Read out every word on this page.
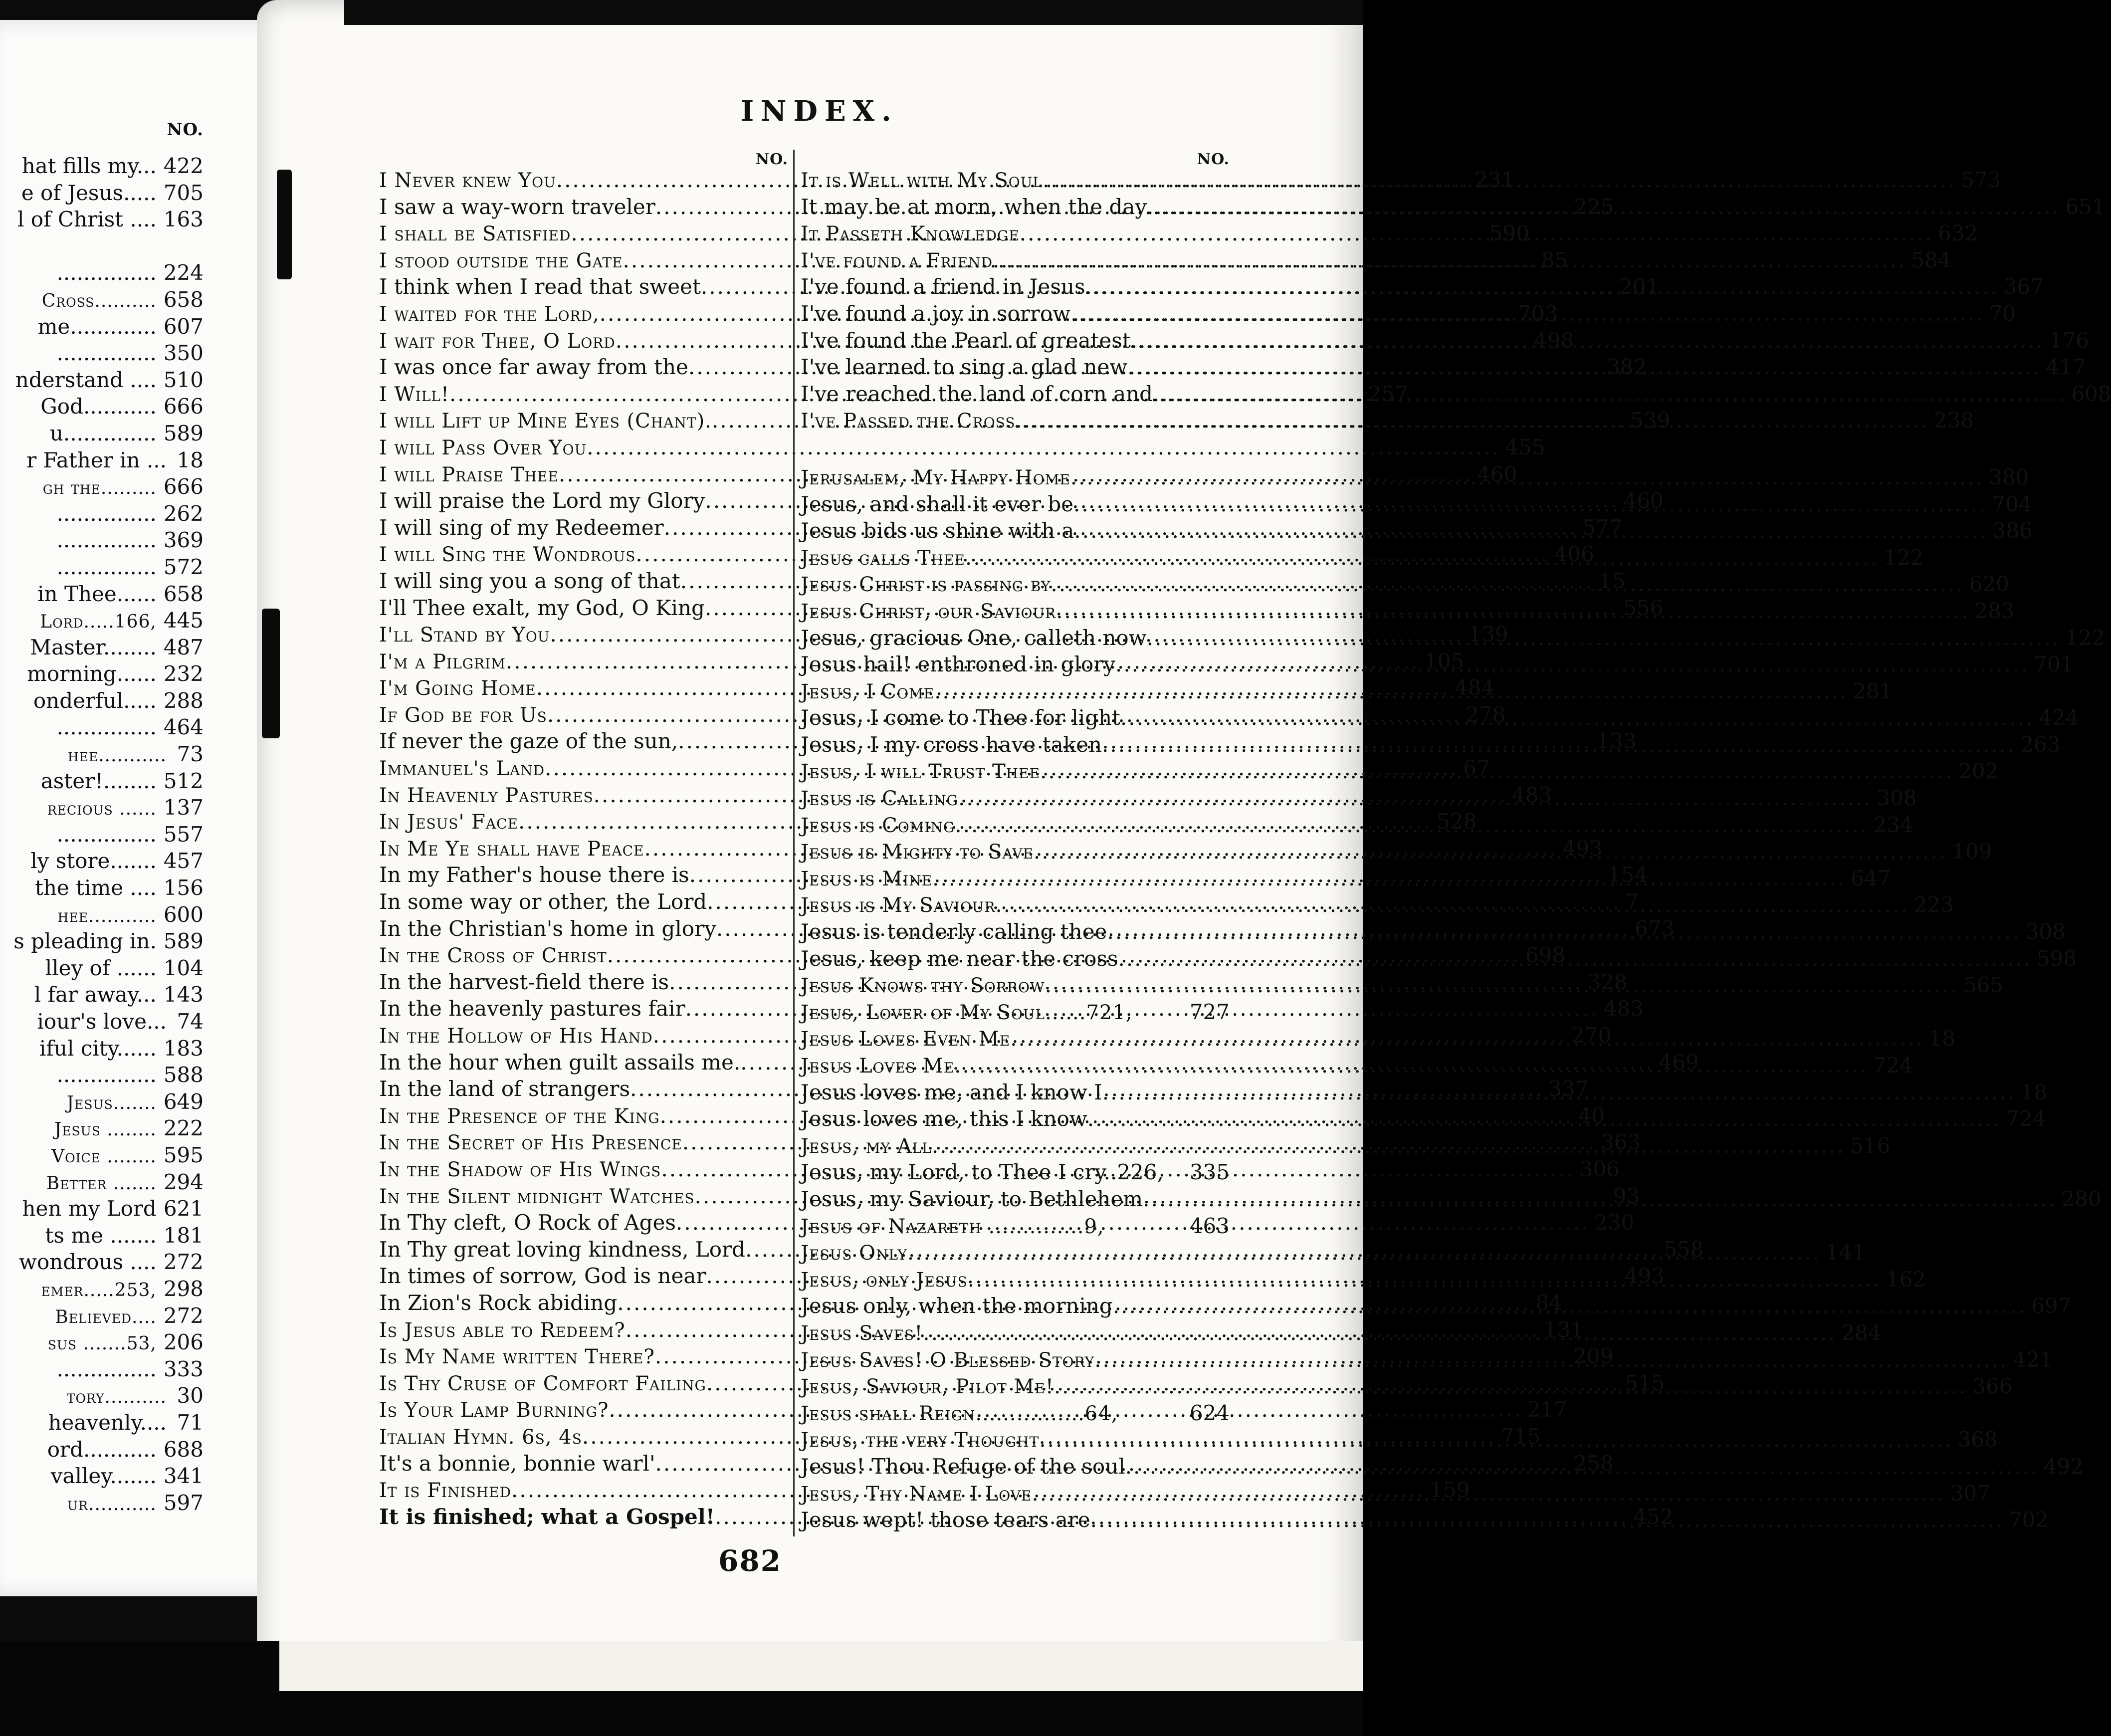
NO.
hat fills my... 422
e of Jesus..... 705
l of Christ .... 163
............... 224
Cross.......... 658
me............. 607
............... 350
nderstand .... 510
God........... 666
u.............. 589
r Father in ... 18
gh the......... 666
............... 262
............... 369
............... 572
in Thee...... 658
Lord.....166, 445
Master........ 487
morning...... 232
onderful..... 288
............... 464
hee........... 73
aster!........ 512
recious ...... 137
............... 557
ly store....... 457
the time .... 156
hee........... 600
s pleading in. 589
lley of ...... 104
l far away... 143
iour's love... 74
iful city...... 183
............... 588
Jesus....... 649
Jesus ........ 222
Voice ........ 595
Better ....... 294
hen my Lord 621
ts me ....... 181
wondrous .... 272
emer.....253, 298
Believed.... 272
sus .......53, 206
............... 333
tory.......... 30
heavenly.... 71
ord........... 688
valley....... 341
ur........... 597
INDEX.
NO.
I Never knew You .....	231
I saw a way-worn traveler .....	225
I shall be Satisfied .....	590
I stood outside the Gate .....	85
I think when I read that sweet .....	201
I waited for the Lord, .....	703
I wait for Thee, O Lord .....	498
I was once far away from the .....	382
I Will! .....	257
I will Lift up Mine Eyes (Chant). .....	539
I will Pass Over You .....	455
I will Praise Thee .....	460
I will praise the Lord my Glory .....	460
I will sing of my Redeemer .....	577
I will Sing the Wondrous .....	406
I will sing you a song of that .....	15
I'll Thee exalt, my God, O King .....	556
I'll Stand by You .....	139
I'm a Pilgrim .....	105
I'm Going Home .....	484
If God be for Us .....	278
If never the gaze of the sun, .....	133
Immanuel's Land .....	67
In Heavenly Pastures .....	483
In Jesus' Face .....	528
In Me Ye shall have Peace .....	493
In my Father's house there is .....	154
In some way or other, the Lord .....	7
In the Christian's home in glory .....	673
In the Cross of Christ .....	698
In the harvest-field there is .....	328
In the heavenly pastures fair .....	483
In the Hollow of His Hand .....	270
In the hour when guilt assails me. .....	469
In the land of strangers .....	337
In the Presence of the King .....	40
In the Secret of His Presence .....	363
In the Shadow of His Wings .....	306
In the Silent midnight Watches .....	93
In Thy cleft, O Rock of Ages .....	230
In Thy great loving kindness, Lord .....	558
In times of sorrow, God is near .....	493
In Zion's Rock abiding .....	84
Is Jesus able to Redeem? .....	131
Is My Name written There? .....	209
Is Thy Cruse of Comfort Failing .....	515
Is Your Lamp Burning? .....	217
Italian Hymn. 6s, 4s .....	715
It's a bonnie, bonnie warl' .....	258
It is Finished .....	159
It is finished; what a Gospel! .....	452
NO.
It is Well with My Soul .....	573
It may be at morn, when the day .....	651
It Passeth Knowledge .....	632
I've found a Friend .....	584
I've found a friend in Jesus .....	367
I've found a joy in sorrow .....	70
I've found the Pearl of greatest .....	176
I've learned to sing a glad new .....	417
I've reached the land of corn and .....	608
I've Passed the Cross .....	238
Jerusalem, My Happy Home .....	380
Jesus, and shall it ever be .....	704
Jesus bids us shine with a .....	386
Jesus calls Thee .....	122
Jesus Christ is passing by .....	620
Jesus Christ, our Saviour .....	283
Jesus, gracious One, calleth now .....	122
Jesus hail! enthroned in glory .....	701
Jesus, I Come .....	281
Jesus, I come to Thee for light .....	424
Jesus, I my cross have taken .....	263
Jesus, I will Trust Thee .....	202
Jesus is Calling .....	308
Jesus is Coming .....	234
Jesus is Mighty to Save .....	109
Jesus is Mine .....	647
Jesus is My Saviour .....	223
Jesus is tenderly calling thee .....	308
Jesus, keep me near the cross .....	598
Jesus Knows thy Sorrow .....	565
Jesus, Lover of My Soul......721,	727
Jesus Loves Even Me .....	18
Jesus Loves Me .....	724
Jesus loves me, and I know I .....	18
Jesus loves me, this I know .....	724
Jesus, my All .....	516
Jesus, my Lord, to Thee I cry..226,	335
Jesus, my Saviour, to Bethlehem .....	280
Jesus of Nazareth ..............9,	463
Jesus Only .....	141
Jesus, only Jesus .....	162
Jesus only, when the morning .....	697
Jesus Saves! .....	284
Jesus Saves! O Blessed Story .....	421
Jesus, Saviour, Pilot Me! .....	366
Jesus shall Reign................64,	624
Jesus, the very Thought .....	368
Jesus! Thou Refuge of the soul .....	492
Jesus, Thy Name I Love .....	307
Jesus wept! those tears are .....	702
682
